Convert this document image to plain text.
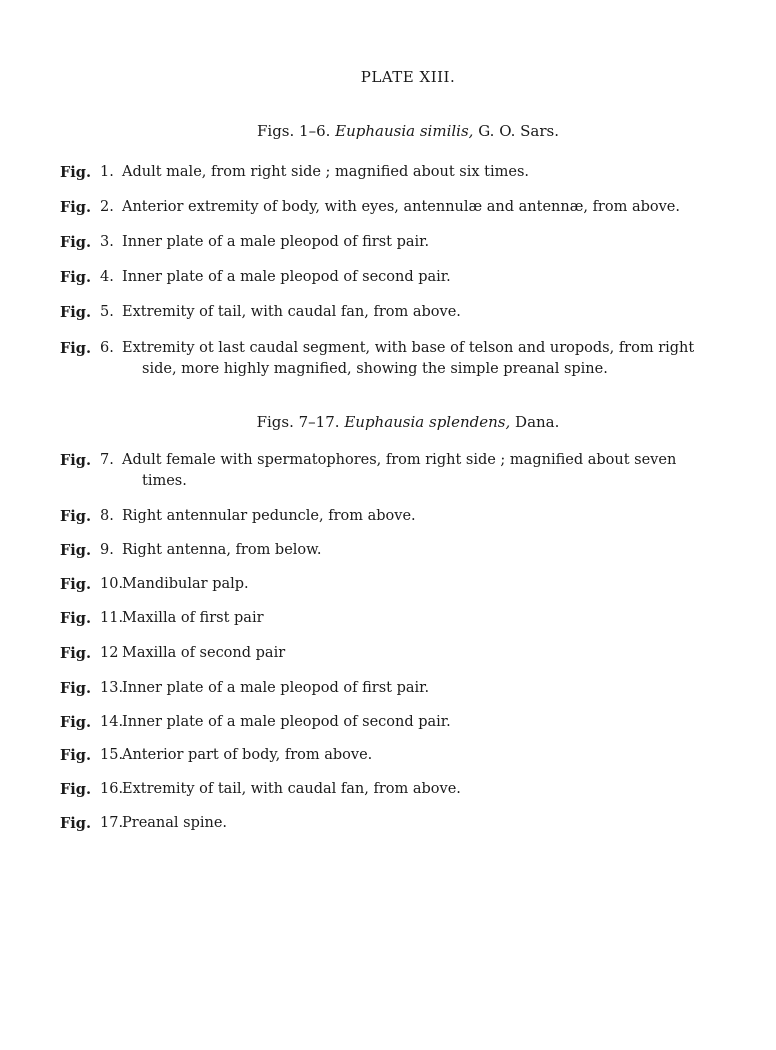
PLATE XIII.
Figs. 1–6. Euphausia similis, G. O. Sars.
Fig. 1. Adult male, from right side ; magnified about six times.
Fig. 2. Anterior extremity of body, with eyes, antennulæ and antennæ, from above.
Fig. 3. Inner plate of a male pleopod of first pair.
Fig. 4. Inner plate of a male pleopod of second pair.
Fig. 5. Extremity of tail, with caudal fan, from above.
Fig. 6. Extremity ot last caudal segment, with base of telson and uropods, from right
side, more highly magnified, showing the simple preanal spine.
Figs. 7–17. Euphausia splendens, Dana.
Fig. 7. Adult female with spermatophores, from right side ; magnified about seven
times.
Fig. 8. Right antennular peduncle, from above.
Fig. 9. Right antenna, from below.
Fig. 10.
Mandibular palp.
Fig. 11.
Maxilla of first pair
Fig. 12 Maxilla of second pair
Fig. 13.
Inner plate of a male pleopod of first pair.
Fig. 14.
Inner plate of a male pleopod of second pair.
Fig. 15.
Anterior part of body, from above.
Fig. 16.
Extremity of tail, with caudal fan, from above.
Fig. 17.
Preanal spine.
